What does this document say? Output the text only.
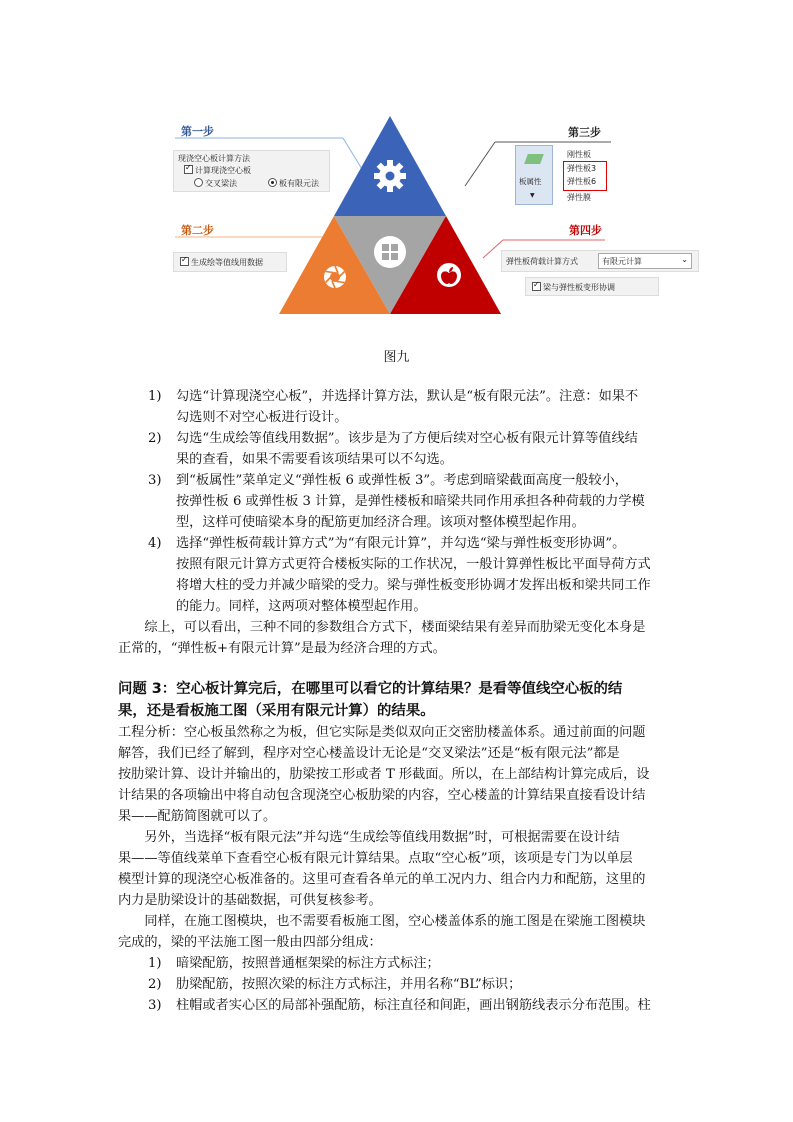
第一步
第二步
第三步
第四步
现浇空心板计算方法
✓计算现浇空心板
交叉梁法	板有限元法
✓生成绘等值线用数据
板属性
▼
刚性板
弹性板3
弹性板6
弹性膜
弹性板荷载计算方式	有限元计算	⌄
✓梁与弹性板变形协调
图九
1) 勾选“计算现浇空心板”，并选择计算方法，默认是“板有限元法”。注意：如果不
勾选则不对空心板进行设计。
2) 勾选“生成绘等值线用数据”。该步是为了方便后续对空心板有限元计算等值线结
果的查看，如果不需要看该项结果可以不勾选。
3) 到“板属性”菜单定义“弹性板 6 或弹性板 3”。考虑到暗梁截面高度一般较小，
按弹性板 6 或弹性板 3 计算，是弹性楼板和暗梁共同作用承担各种荷载的力学模
型，这样可使暗梁本身的配筋更加经济合理。该项对整体模型起作用。
4) 选择“弹性板荷载计算方式”为“有限元计算”，并勾选“梁与弹性板变形协调”。
按照有限元计算方式更符合楼板实际的工作状况，一般计算弹性板比平面导荷方式
将增大柱的受力并减少暗梁的受力。梁与弹性板变形协调才发挥出板和梁共同工作
的能力。同样，这两项对整体模型起作用。
　　综上，可以看出，三种不同的参数组合方式下，楼面梁结果有差异而肋梁无变化本身是
正常的，“弹性板+有限元计算”是最为经济合理的方式。
问题 3：空心板计算完后，在哪里可以看它的计算结果？是看等值线空心板的结
果，还是看板施工图（采用有限元计算）的结果。
工程分析：空心板虽然称之为板，但它实际是类似双向正交密肋楼盖体系。通过前面的问题
解答，我们已经了解到，程序对空心楼盖设计无论是“交叉梁法”还是“板有限元法”都是
按肋梁计算、设计并输出的，肋梁按工形或者 T 形截面。所以，在上部结构计算完成后，设
计结果的各项输出中将自动包含现浇空心板肋梁的内容，空心楼盖的计算结果直接看设计结
果——配筋简图就可以了。
　　另外，当选择“板有限元法”并勾选“生成绘等值线用数据”时，可根据需要在设计结
果——等值线菜单下查看空心板有限元计算结果。点取“空心板”项，该项是专门为以单层
模型计算的现浇空心板准备的。这里可查看各单元的单工况内力、组合内力和配筋，这里的
内力是肋梁设计的基础数据，可供复核参考。
　　同样，在施工图模块，也不需要看板施工图，空心楼盖体系的施工图是在梁施工图模块
完成的，梁的平法施工图一般由四部分组成：
1) 暗梁配筋，按照普通框架梁的标注方式标注；
2) 肋梁配筋，按照次梁的标注方式标注，并用名称“BL”标识；
3) 柱帽或者实心区的局部补强配筋，标注直径和间距，画出钢筋线表示分布范围。柱
